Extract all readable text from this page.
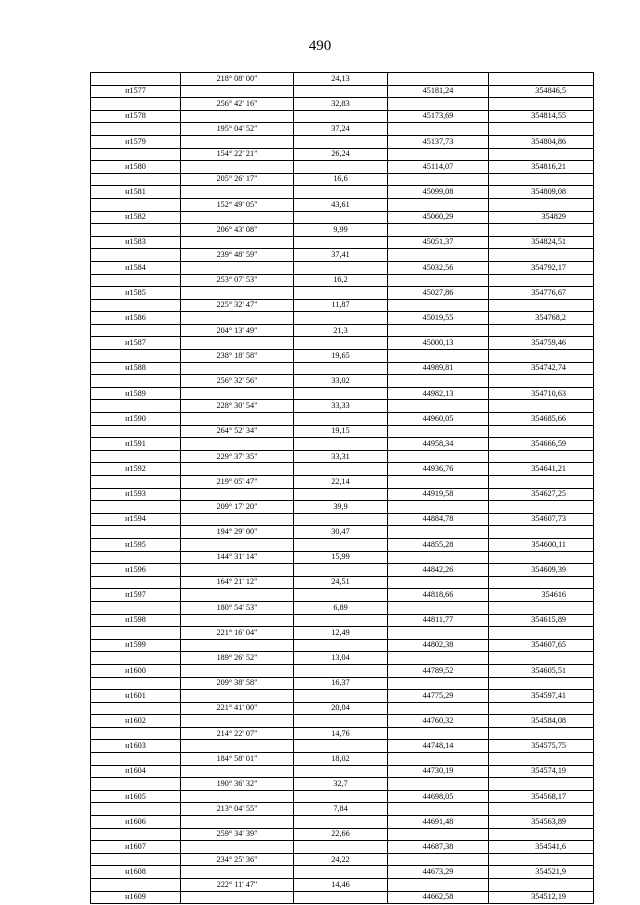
490
	218° 08' 00"	24,13		
н1577			45181,24	354846,5
	256° 42' 16"	32,83		
н1578			45173,69	354814,55
	195° 04' 52"	37,24		
н1579			45137,73	354804,86
	154° 22' 21"	26,24		
н1580			45114,07	354816,21
	205° 26' 17"	16,6		
н1581			45099,08	354809,08
	152° 49' 05"	43,61		
н1582			45060,29	354829
	206° 43' 08"	9,99		
н1583			45051,37	354824,51
	239° 48' 59"	37,41		
н1584			45032,56	354792,17
	253° 07' 53"	16,2		
н1585			45027,86	354776,67
	225° 32' 47"	11,87		
н1586			45019,55	354768,2
	204° 13' 49"	21,3		
н1587			45000,13	354759,46
	238° 18' 58"	19,65		
н1588			44989,81	354742,74
	256° 32' 56"	33,02		
н1589			44982,13	354710,63
	228° 30' 54"	33,33		
н1590			44960,05	354685,66
	264° 52' 34"	19,15		
н1591			44958,34	354666,59
	229° 37' 35"	33,31		
н1592			44936,76	354641,21
	219° 05' 47"	22,14		
н1593			44919,58	354627,25
	209° 17' 20"	39,9		
н1594			44884,78	354607,73
	194° 29' 00"	30,47		
н1595			44855,28	354600,11
	144° 31' 14"	15,99		
н1596			44842,26	354609,39
	164° 21' 12"	24,51		
н1597			44818,66	354616
	180° 54' 53"	6,89		
н1598			44811,77	354615,89
	221° 16' 04"	12,49		
н1599			44802,38	354607,65
	189° 26' 52"	13,04		
н1600			44789,52	354605,51
	209° 38' 58"	16,37		
н1601			44775,29	354597,41
	221° 41' 00"	20,04		
н1602			44760,32	354584,08
	214° 22' 07"	14,76		
н1603			44748,14	354575,75
	184° 58' 01"	18,02		
н1604			44730,19	354574,19
	190° 36' 32"	32,7		
н1605			44698,05	354568,17
	213° 04' 55"	7,84		
н1606			44691,48	354563,89
	259° 34' 39"	22,66		
н1607			44687,38	354541,6
	234° 25' 36"	24,22		
н1608			44673,29	354521,9
	222° 11' 47"	14,46		
н1609			44662,58	354512,19
